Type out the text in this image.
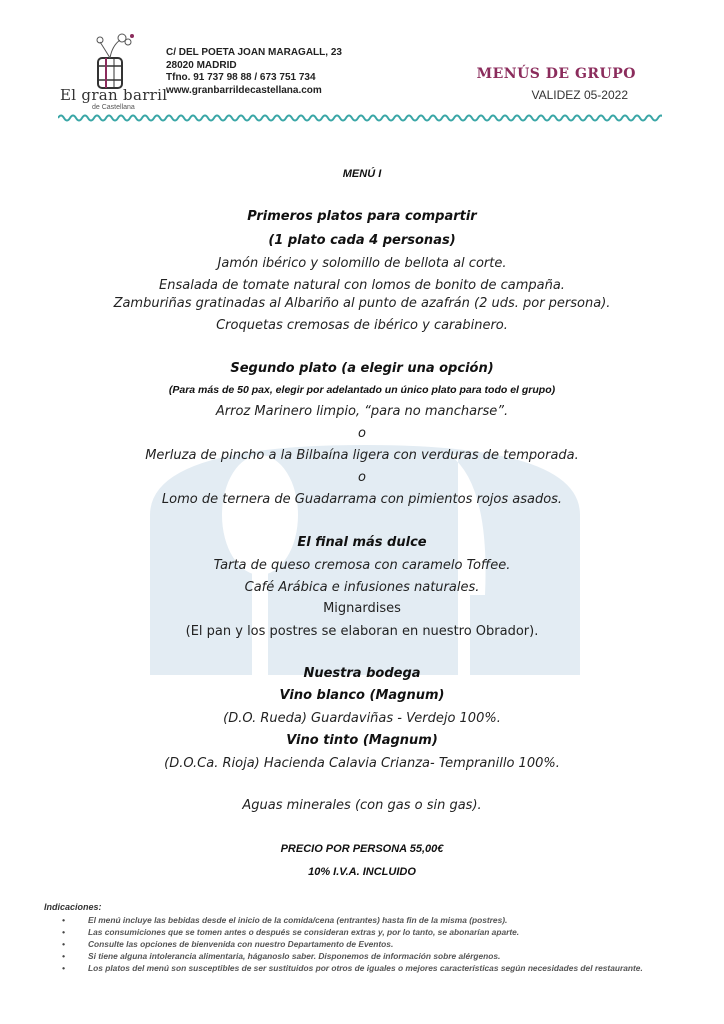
El gran barril
de Castellana
C/ DEL POETA JOAN MARAGALL, 23
28020 MADRID
Tfno. 91 737 98 88 / 673 751 734
www.granbarrildecastellana.com
MENÚS DE GRUPO
VALIDEZ 05-2022
MENÚ I
Primeros platos para compartir
(1 plato cada 4 personas)
Jamón ibérico y solomillo de bellota al corte.
Ensalada de tomate natural con lomos de bonito de campaña.
Zamburiñas gratinadas al Albariño al punto de azafrán (2 uds. por persona).
Croquetas cremosas de ibérico y carabinero.
Segundo plato (a elegir una opción)
(Para más de 50 pax, elegir por adelantado un único plato para todo el grupo)
Arroz Marinero limpio, “para no mancharse”.
o
Merluza de pincho a la Bilbaína ligera con verduras de temporada.
o
Lomo de ternera de Guadarrama con pimientos rojos asados.
El final más dulce
Tarta de queso cremosa con caramelo Toffee.
Café Arábica e infusiones naturales.
Mignardises
(El pan y los postres se elaboran en nuestro Obrador).
Nuestra bodega
Vino blanco (Magnum)
(D.O. Rueda) Guardaviñas - Verdejo 100%.
Vino tinto (Magnum)
(D.O.Ca. Rioja) Hacienda Calavia Crianza- Tempranillo 100%.
Aguas minerales (con gas o sin gas).
PRECIO POR PERSONA 55,00€
10% I.V.A. INCLUIDO
Indicaciones:
• El menú incluye las bebidas desde el inicio de la comida/cena (entrantes) hasta fin de la misma (postres).
• Las consumiciones que se tomen antes o después se consideran extras y, por lo tanto, se abonarían aparte.
• Consulte las opciones de bienvenida con nuestro Departamento de Eventos.
• Si tiene alguna intolerancia alimentaria, háganoslo saber. Disponemos de información sobre alérgenos.
• Los platos del menú son susceptibles de ser sustituidos por otros de iguales o mejores características según necesidades del restaurante.
